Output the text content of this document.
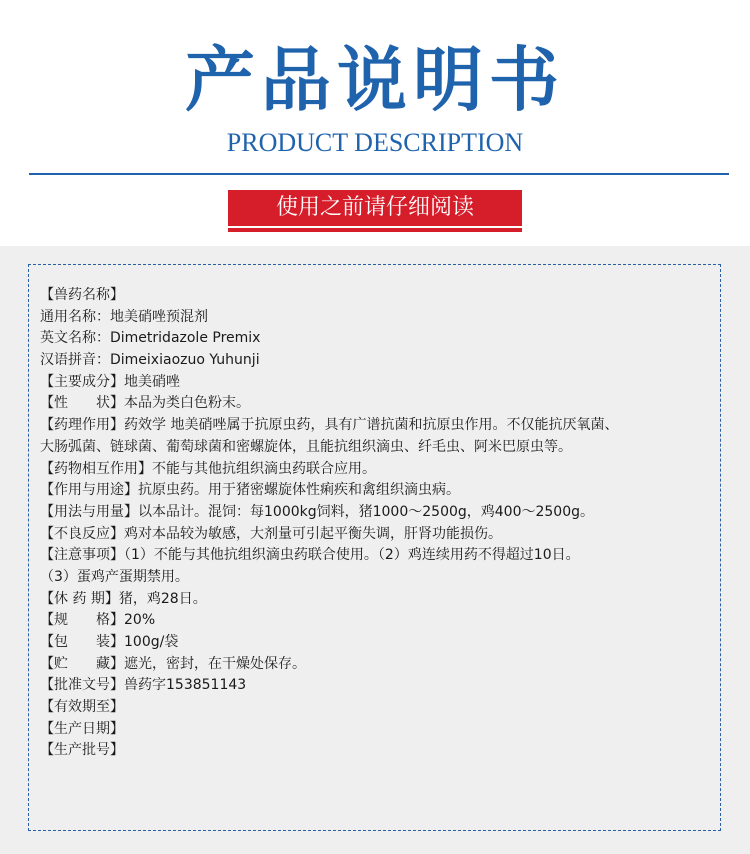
产品说明书
PRODUCT DESCRIPTION
使用之前请仔细阅读
【兽药名称】
通用名称：地美硝唑预混剂
英文名称：Dimetridazole Premix
汉语拼音：Dimeixiaozuo Yuhunji
【主要成分】地美硝唑
【性　　状】本品为类白色粉末。
【药理作用】药效学 地美硝唑属于抗原虫药，具有广谱抗菌和抗原虫作用。不仅能抗厌氧菌、
大肠弧菌、链球菌、葡萄球菌和密螺旋体，且能抗组织滴虫、纤毛虫、阿米巴原虫等。
【药物相互作用】不能与其他抗组织滴虫药联合应用。
【作用与用途】抗原虫药。用于猪密螺旋体性痢疾和禽组织滴虫病。
【用法与用量】以本品计。混饲：每1000kg饲料，猪1000～2500g，鸡400～2500g。
【不良反应】鸡对本品较为敏感，大剂量可引起平衡失调，肝肾功能损伤。
【注意事项】（1）不能与其他抗组织滴虫药联合使用。（2）鸡连续用药不得超过10日。
（3）蛋鸡产蛋期禁用。
【休 药 期】猪，鸡28日。
【规　　格】20%
【包　　装】100g/袋
【贮　　藏】遮光，密封，在干燥处保存。
【批准文号】兽药字153851143
【有效期至】
【生产日期】
【生产批号】
